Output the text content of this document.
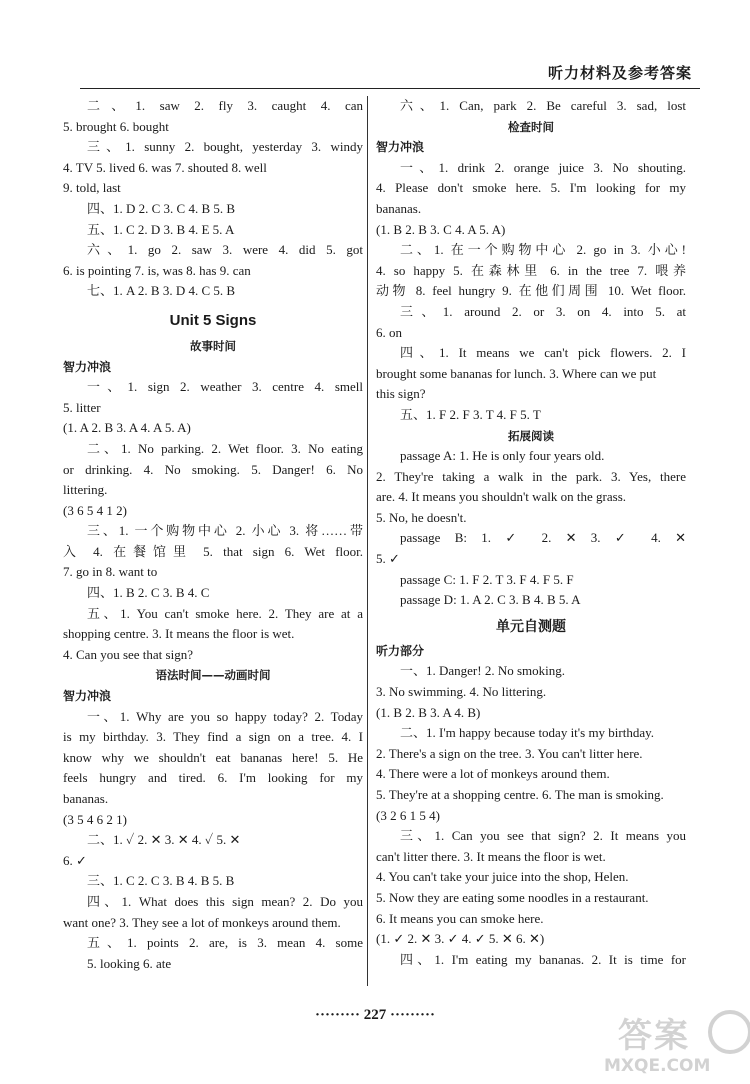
听力材料及参考答案
二、1. saw 2. fly 3. caught 4. can
5. brought 6. bought
三、1. sunny 2. bought, yesterday 3. windy
4. TV 5. lived 6. was 7. shouted 8. well
9. told, last
四、1. D 2. C 3. C 4. B 5. B
五、1. C 2. D 3. B 4. E 5. A
六、1. go 2. saw 3. were 4. did 5. got
6. is pointing 7. is, was 8. has 9. can
七、1. A 2. B 3. D 4. C 5. B
Unit 5 Signs
故事时间
智力冲浪
一、1. sign 2. weather 3. centre 4. smell
5. litter
(1. A 2. B 3. A 4. A 5. A)
二、1. No parking. 2. Wet floor. 3. No eating
or drinking. 4. No smoking. 5. Danger! 6. No
littering.
(3 6 5 4 1 2)
三、1. 一个购物中心 2. 小心 3. 将……带
入 4. 在餐馆里 5. that sign 6. Wet floor.
7. go in 8. want to
四、1. B 2. C 3. B 4. C
五、1. You can't smoke here. 2. They are at a
shopping centre. 3. It means the floor is wet.
4. Can you see that sign?
语法时间——动画时间
智力冲浪
一、1. Why are you so happy today? 2. Today
is my birthday. 3. They find a sign on a tree. 4. I
know why we shouldn't eat bananas here! 5. He
feels hungry and tired. 6. I'm looking for my
bananas.
(3 5 4 6 2 1)
二、1. ✓ 2. ✕ 3. ✕ 4. ✓ 5. ✕
6. ✓
三、1. C 2. C 3. B 4. B 5. B
四、1. What does this sign mean? 2. Do you
want one? 3. They see a lot of monkeys around them.
五、1. points 2. are, is 3. mean 4. some
5. looking 6. ate
六、1. Can, park 2. Be careful 3. sad, lost
检查时间
智力冲浪
一、1. drink 2. orange juice 3. No shouting.
4. Please don't smoke here. 5. I'm looking for my
bananas.
(1. B 2. B 3. C 4. A 5. A)
二、1. 在一个购物中心 2. go in 3. 小心!
4. so happy 5. 在森林里 6. in the tree 7. 喂养
动物 8. feel hungry 9. 在他们周围 10. Wet floor.
三、1. around 2. or 3. on 4. into 5. at
6. on
四、1. It means we can't pick flowers. 2. I
brought some bananas for lunch. 3. Where can we put
this sign?
五、1. F 2. F 3. T 4. F 5. T
拓展阅读
passage A: 1. He is only four years old.
2. They're taking a walk in the park. 3. Yes, there
are. 4. It means you shouldn't walk on the grass.
5. No, he doesn't.
passage B: 1. ✓ 2. ✕ 3. ✓ 4. ✕
5. ✓
passage C: 1. F 2. T 3. F 4. F 5. F
passage D: 1. A 2. C 3. B 4. B 5. A
单元自测题
听力部分
一、1. Danger! 2. No smoking.
3. No swimming. 4. No littering.
(1. B 2. B 3. A 4. B)
二、1. I'm happy because today it's my birthday.
2. There's a sign on the tree. 3. You can't litter here.
4. There were a lot of monkeys around them.
5. They're at a shopping centre. 6. The man is smoking.
(3 2 6 1 5 4)
三、1. Can you see that sign? 2. It means you
can't litter there. 3. It means the floor is wet.
4. You can't take your juice into the shop, Helen.
5. Now they are eating some noodles in a restaurant.
6. It means you can smoke here.
(1. ✓ 2. ✕ 3. ✓ 4. ✓ 5. ✕ 6. ✕)
四、1. I'm eating my bananas. 2. It is time for
········· 227 ·········
答案
MXQE.COM
